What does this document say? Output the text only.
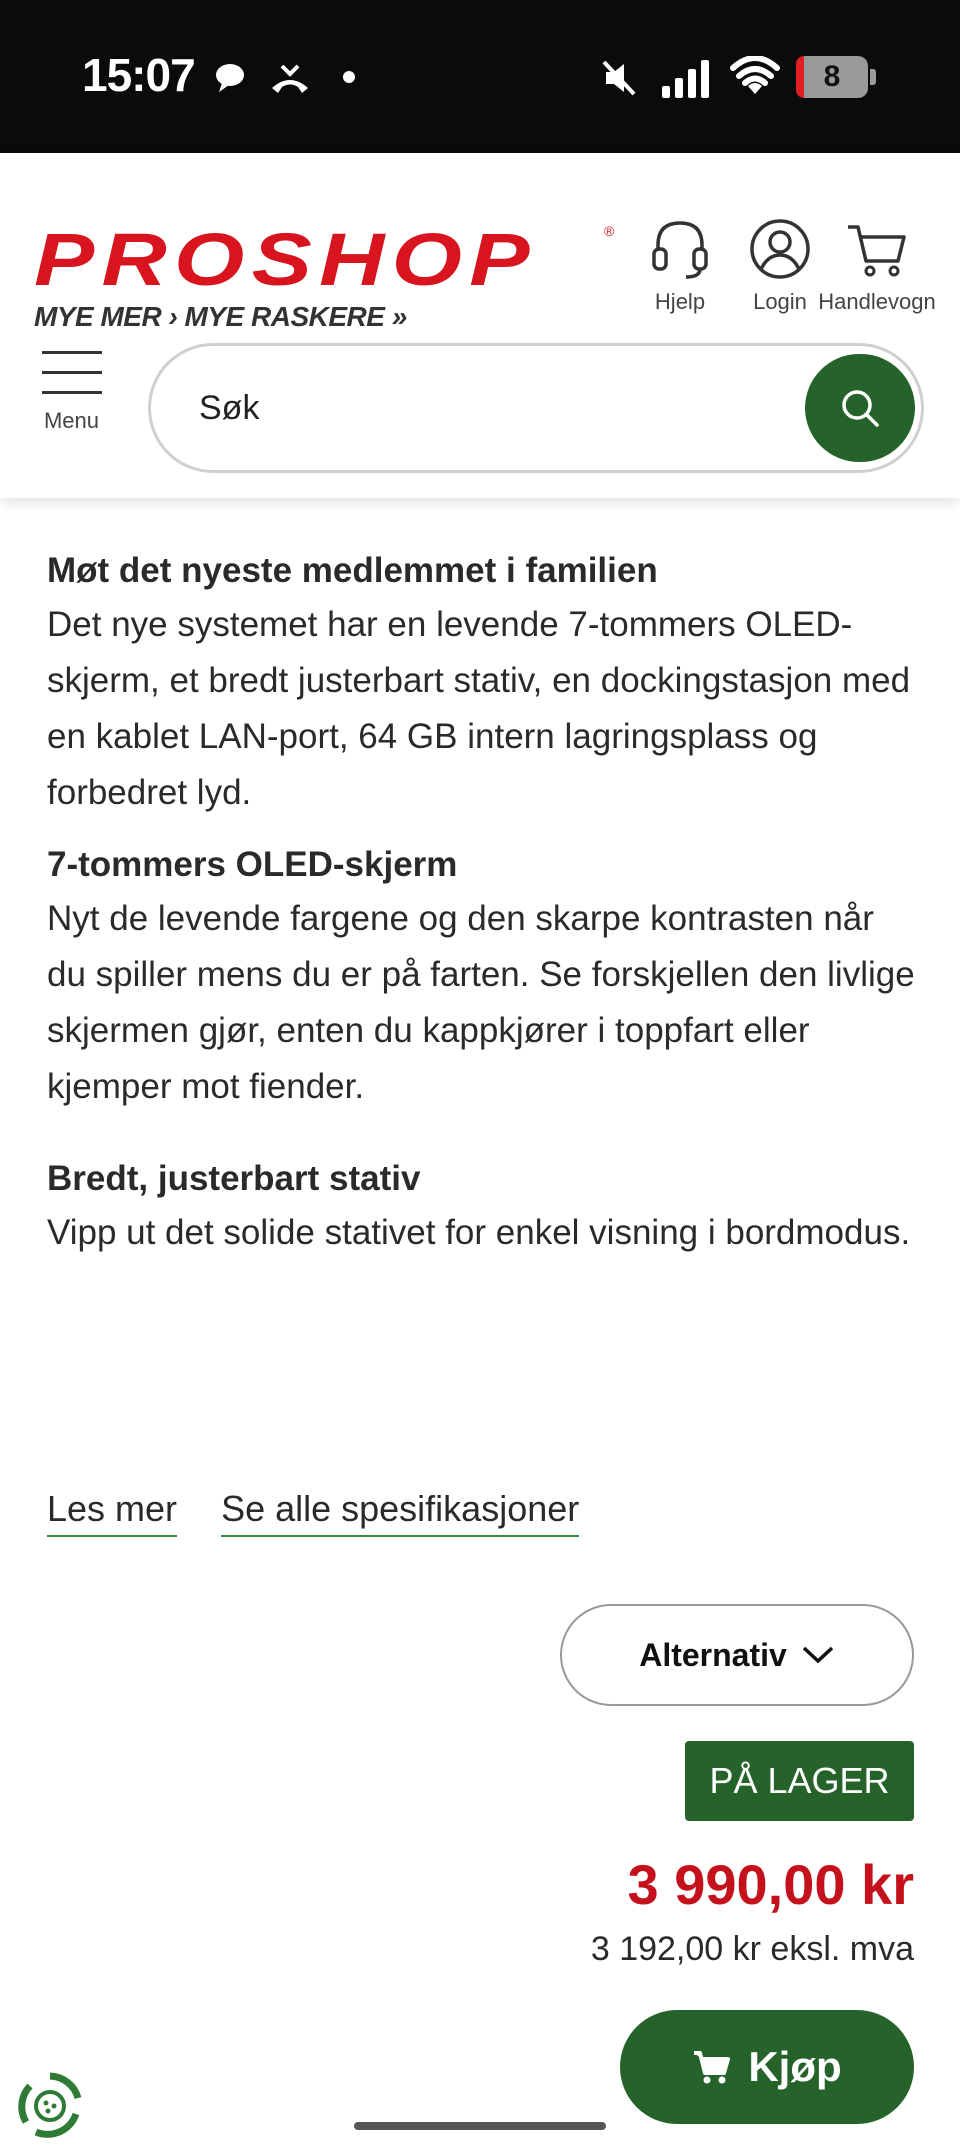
15:07	8
PROSHOP	®
MYE MER › MYE RASKERE »	Hjelp	Login Handlevogn
Menu
Søk
Møt det nyeste medlemmet i familien
Det nye systemet har en levende 7-tommers OLED-skjerm, et bredt justerbart stativ, en dockingstasjon med en kablet LAN-port, 64 GB intern lagringsplass og forbedret lyd.
7-tommers OLED-skjerm
Nyt de levende fargene og den skarpe kontrasten når du spiller mens du er på farten. Se forskjellen den livlige skjermen gjør, enten du kappkjører i toppfart eller kjemper mot fiender.
Bredt, justerbart stativ
Vipp ut det solide stativet for enkel visning i bordmodus.
Les mer Se alle spesifikasjoner
Alternativ
PÅ LAGER
3 990,00 kr
3 192,00 kr eksl. mva
Kjøp
